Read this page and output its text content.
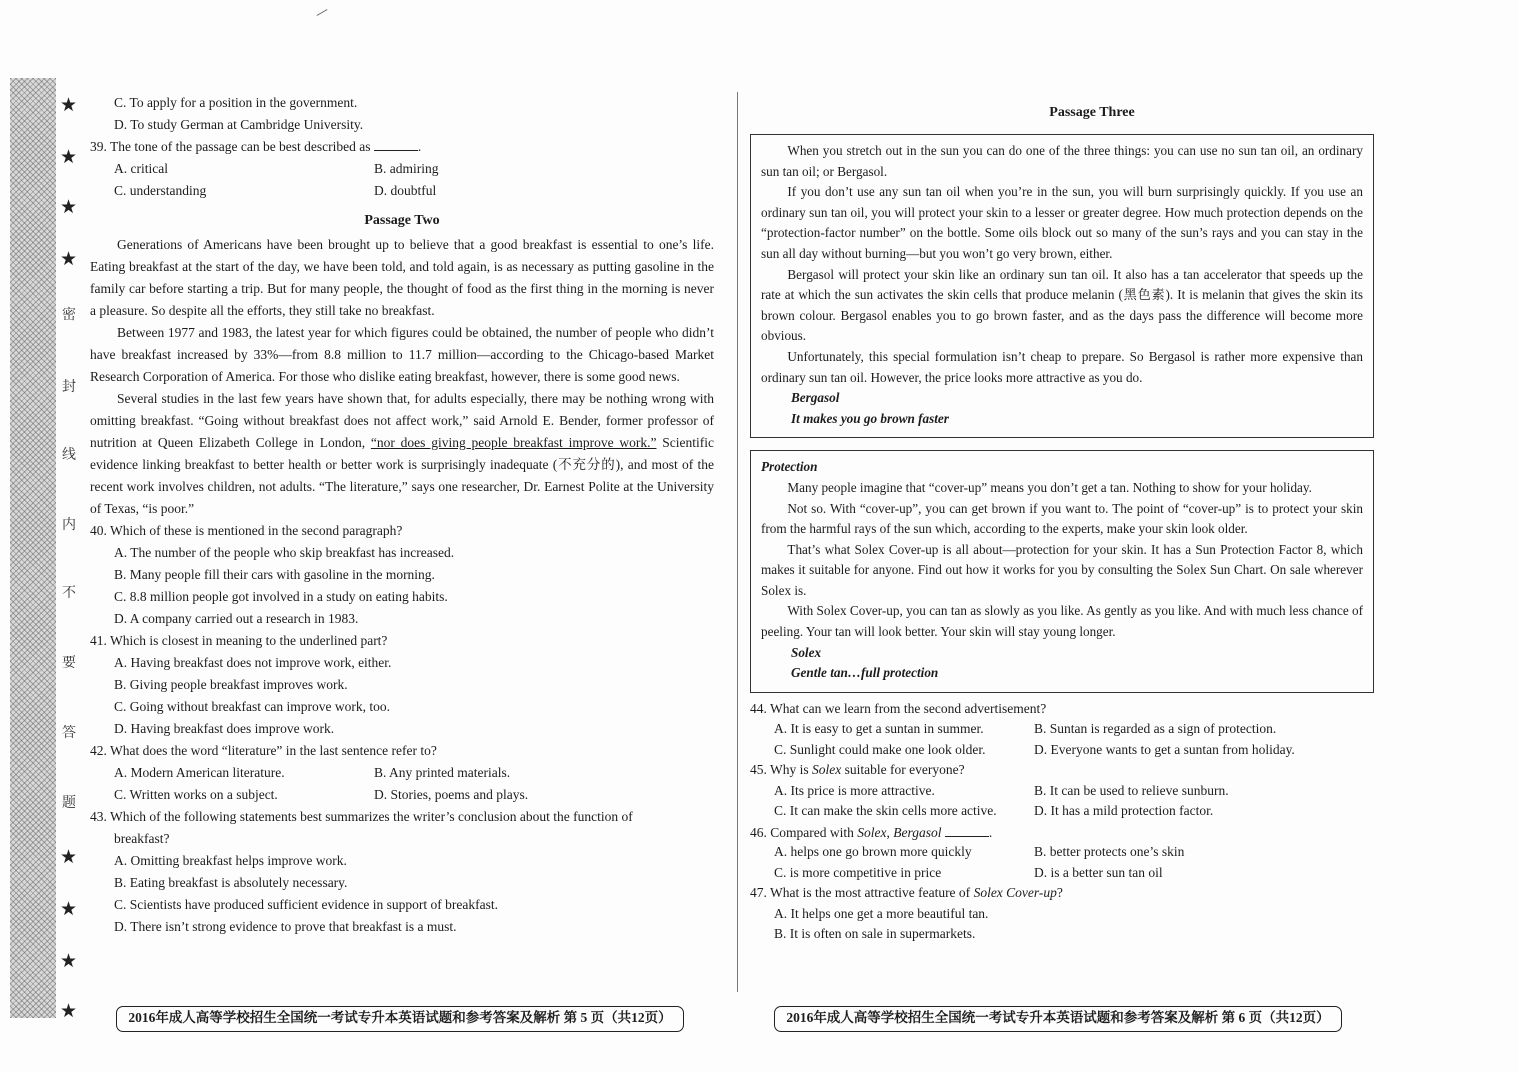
★
★
★
★
密
封
线
内
不
要
答
题
★
★
★
★
C. To apply for a position in the government.
D. To study German at Cambridge University.
39. The tone of the passage can be best described as	.
A. critical	B. admiring
C. understanding	D. doubtful
Passage Two

Generations of Americans have been brought up to believe that a good breakfast is essential to one’s life. Eating breakfast at the start of the day, we have been told, and told again, is as necessary as putting gasoline in the family car before starting a trip. But for many people, the thought of food as the first thing in the morning is never a pleasure. So despite all the efforts, they still take no breakfast.

Between 1977 and 1983, the latest year for which figures could be obtained, the number of people who didn’t have breakfast increased by 33%—from 8.8 million to 11.7 million—according to the Chicago-based Market Research Corporation of America. For those who dislike eating breakfast, however, there is some good news.

Several studies in the last few years have shown that, for adults especially, there may be nothing wrong with omitting breakfast. “Going without breakfast does not affect work,” said Arnold E. Bender, former professor of nutrition at Queen Elizabeth College in London, “nor does giving people breakfast improve work.” Scientific evidence linking breakfast to better health or better work is surprisingly inadequate (不充分的), and most of the recent work involves children, not adults. “The literature,” says one researcher, Dr. Earnest Polite at the University of Texas, “is poor.”

40. Which of these is mentioned in the second paragraph?
A. The number of the people who skip breakfast has increased.
B. Many people fill their cars with gasoline in the morning.
C. 8.8 million people got involved in a study on eating habits.
D. A company carried out a research in 1983.
41. Which is closest in meaning to the underlined part?
A. Having breakfast does not improve work, either.
B. Giving people breakfast improves work.
C. Going without breakfast can improve work, too.
D. Having breakfast does improve work.
42. What does the word “literature” in the last sentence refer to?
A. Modern American literature.	B. Any printed materials.
C. Written works on a subject.	D. Stories, poems and plays.
43. Which of the following statements best summarizes the writer’s conclusion about the function of
breakfast?
A. Omitting breakfast helps improve work.
B. Eating breakfast is absolutely necessary.
C. Scientists have produced sufficient evidence in support of breakfast.
D. There isn’t strong evidence to prove that breakfast is a must.
Passage Three

When you stretch out in the sun you can do one of the three things: you can use no sun tan oil, an ordinary sun tan oil; or Bergasol.

If you don’t use any sun tan oil when you’re in the sun, you will burn surprisingly quickly. If you use an ordinary sun tan oil, you will protect your skin to a lesser or greater degree. How much protection depends on the “protection-factor number” on the bottle. Some oils block out so many of the sun’s rays and you can stay in the sun all day without burning—but you won’t go very brown, either.

Bergasol will protect your skin like an ordinary sun tan oil. It also has a tan accelerator that speeds up the rate at which the sun activates the skin cells that produce melanin (黑色素). It is melanin that gives the skin its brown colour. Bergasol enables you to go brown faster, and as the days pass the difference will become more obvious.

Unfortunately, this special formulation isn’t cheap to prepare. So Bergasol is rather more expensive than ordinary sun tan oil. However, the price looks more attractive as you do.

Bergasol
It makes you go brown faster
Protection

Many people imagine that “cover-up” means you don’t get a tan. Nothing to show for your holiday.

Not so. With “cover-up”, you can get brown if you want to. The point of “cover-up” is to protect your skin from the harmful rays of the sun which, according to the experts, make your skin look older.

That’s what Solex Cover-up is all about—protection for your skin. It has a Sun Protection Factor 8, which makes it suitable for anyone. Find out how it works for you by consulting the Solex Sun Chart. On sale wherever Solex is.

With Solex Cover-up, you can tan as slowly as you like. As gently as you like. And with much less chance of peeling. Your tan will look better. Your skin will stay young longer.

Solex
Gentle tan…full protection
44. What can we learn from the second advertisement?
A. It is easy to get a suntan in summer.	B. Suntan is regarded as a sign of protection.
C. Sunlight could make one look older.	D. Everyone wants to get a suntan from holiday.
45. Why is Solex suitable for everyone?
A. Its price is more attractive.	B. It can be used to relieve sunburn.
C. It can make the skin cells more active.	D. It has a mild protection factor.
46. Compared with Solex, Bergasol	.
A. helps one go brown more quickly	B. better protects one’s skin
C. is more competitive in price	D. is a better sun tan oil
47. What is the most attractive feature of Solex Cover-up?
A. It helps one get a more beautiful tan.
B. It is often on sale in supermarkets.
2016年成人高等学校招生全国统一考试专升本英语试题和参考答案及解析 第 5 页（共12页）	2016年成人高等学校招生全国统一考试专升本英语试题和参考答案及解析 第 6 页（共12页）
